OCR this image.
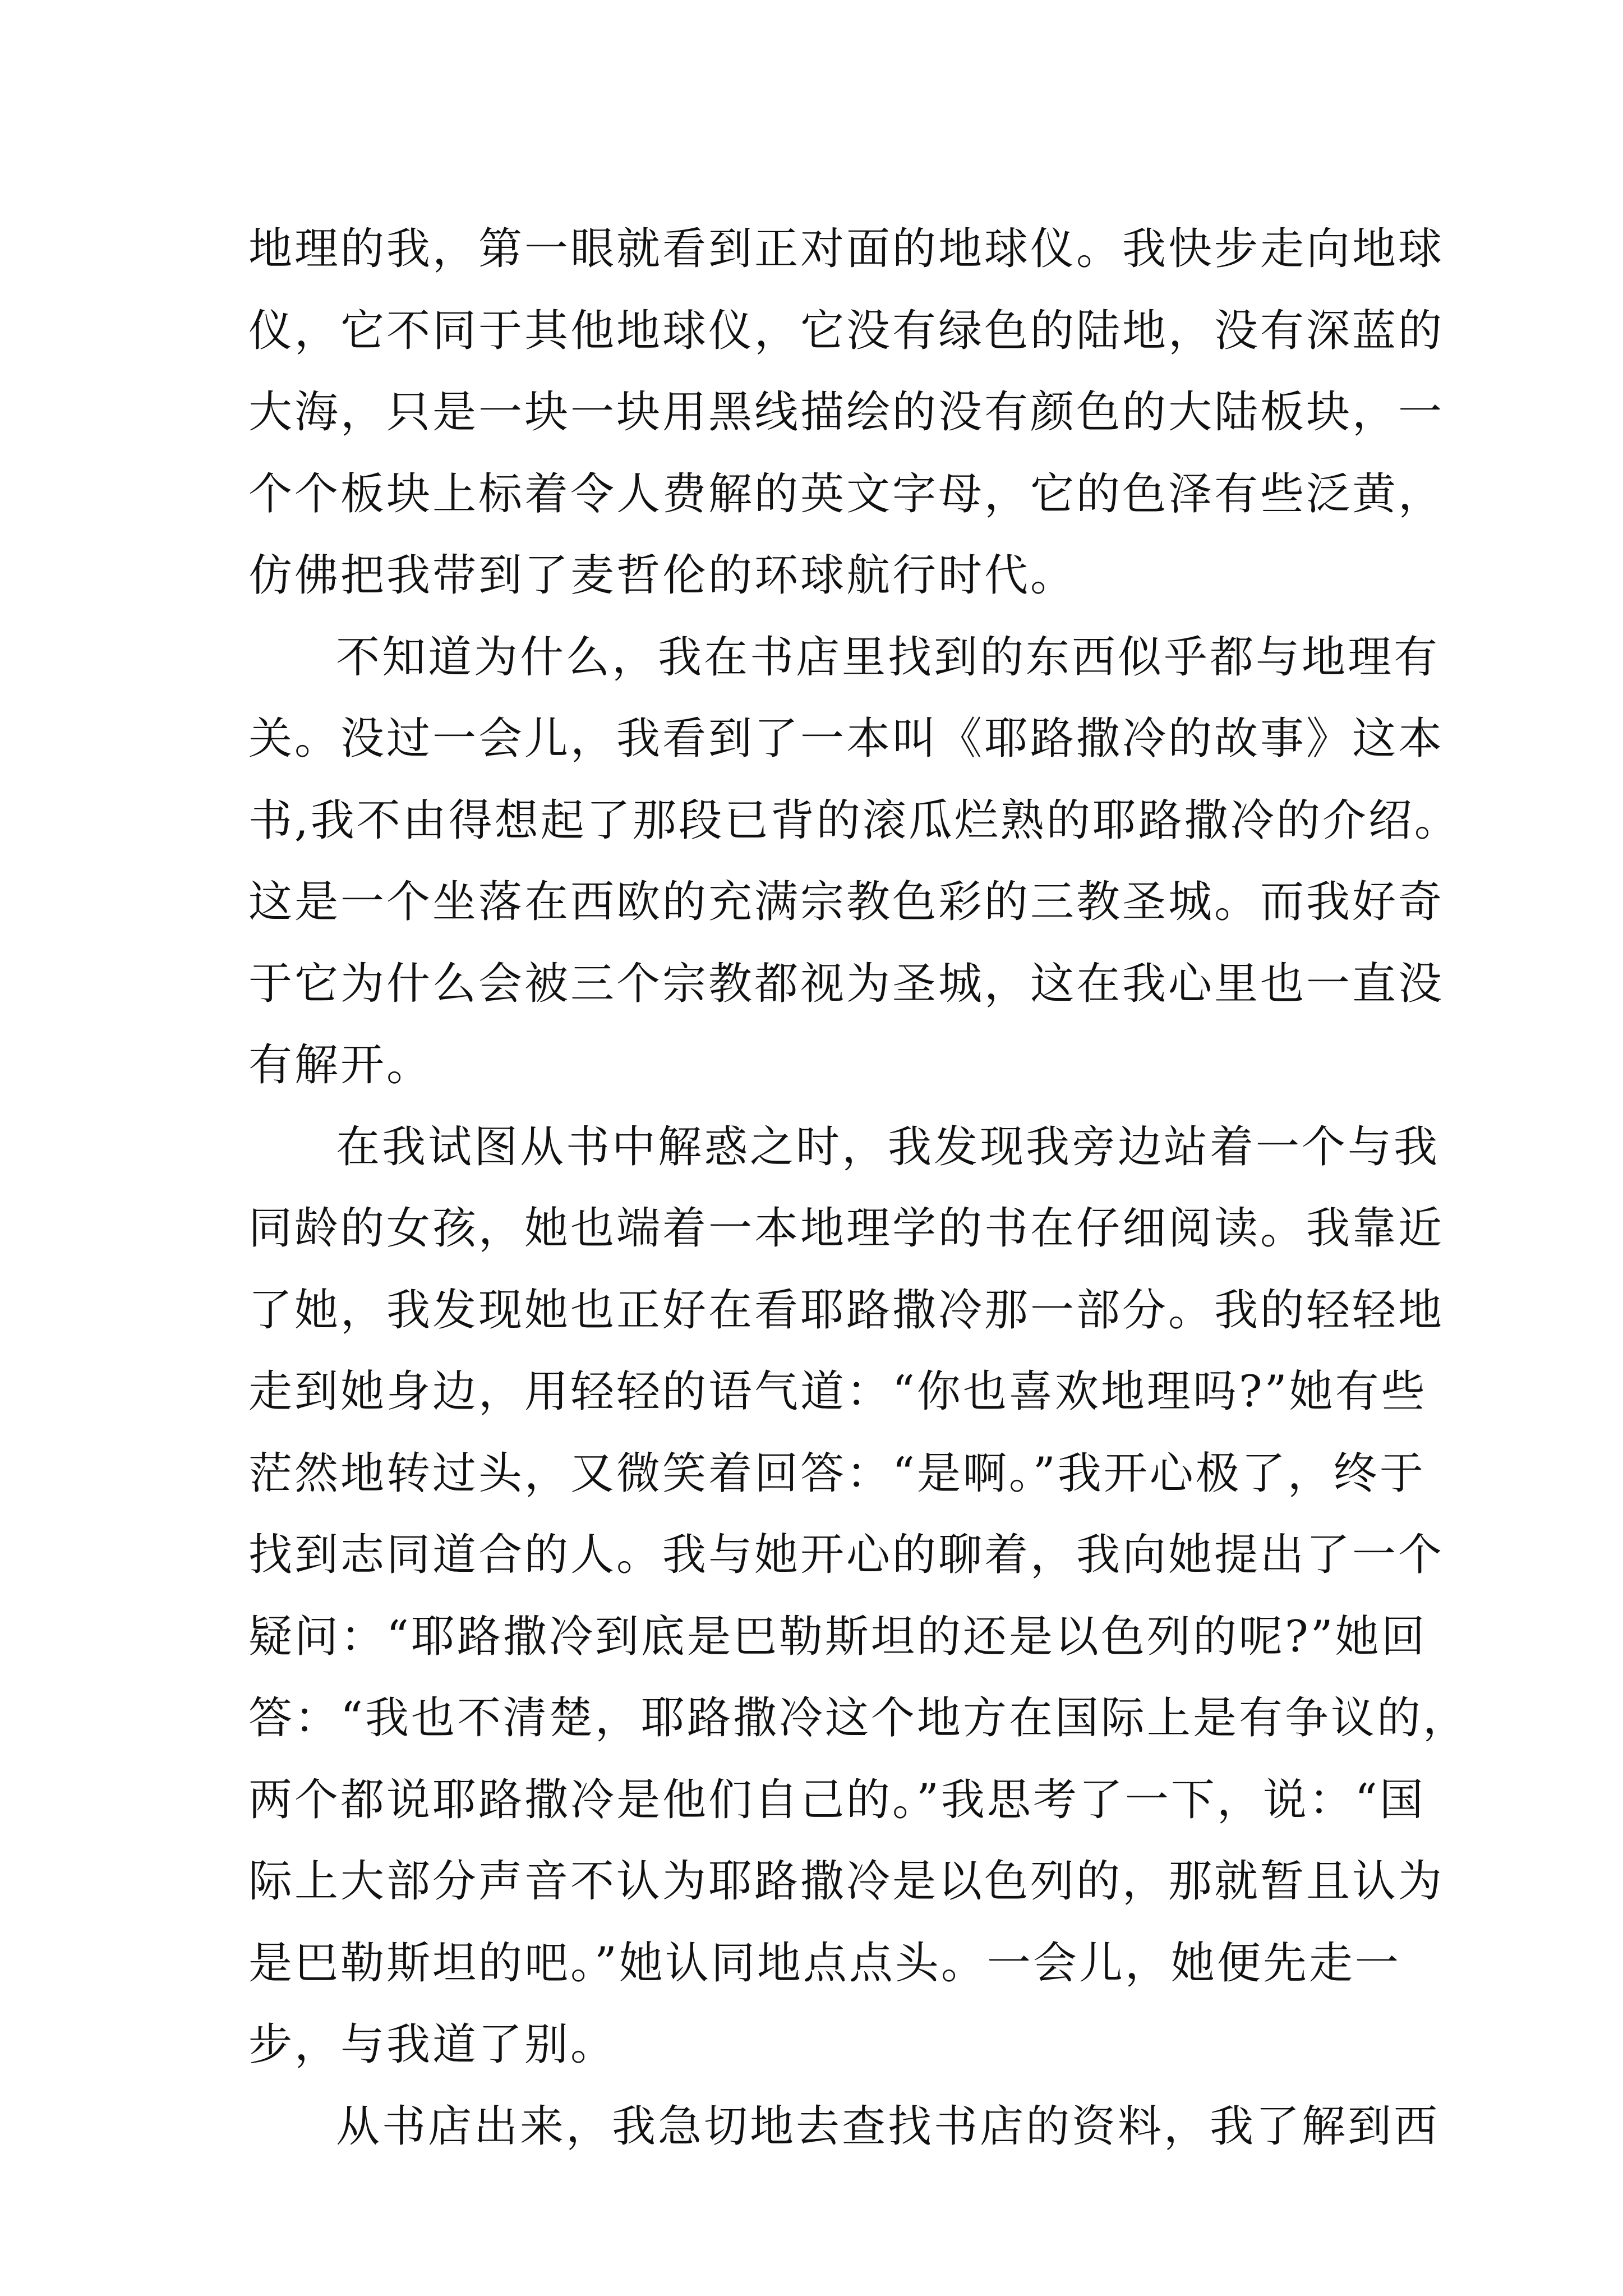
地理的我，第一眼就看到正对面的地球仪。我快步走向地球
仪，它不同于其他地球仪，它没有绿色的陆地，没有深蓝的
大海，只是一块一块用黑线描绘的没有颜色的大陆板块，一
个个板块上标着令人费解的英文字母，它的色泽有些泛黄，
仿佛把我带到了麦哲伦的环球航行时代。
不知道为什么，我在书店里找到的东西似乎都与地理有
关。没过一会儿，我看到了一本叫《耶路撒冷的故事》这本
书,我不由得想起了那段已背的滚瓜烂熟的耶路撒冷的介绍。
这是一个坐落在西欧的充满宗教色彩的三教圣城。而我好奇
于它为什么会被三个宗教都视为圣城，这在我心里也一直没
有解开。
在我试图从书中解惑之时，我发现我旁边站着一个与我
同龄的女孩，她也端着一本地理学的书在仔细阅读。我靠近
了她，我发现她也正好在看耶路撒冷那一部分。我的轻轻地
走到她身边，用轻轻的语气道：“你也喜欢地理吗?”她有些
茫然地转过头，又微笑着回答：“是啊。”我开心极了，终于
找到志同道合的人。我与她开心的聊着，我向她提出了一个
疑问：“耶路撒冷到底是巴勒斯坦的还是以色列的呢?”她回
答：“我也不清楚，耶路撒冷这个地方在国际上是有争议的，
两个都说耶路撒冷是他们自己的。”我思考了一下，说：“国
际上大部分声音不认为耶路撒冷是以色列的，那就暂且认为
是巴勒斯坦的吧。”她认同地点点头。一会儿，她便先走一
步，与我道了别。
从书店出来，我急切地去查找书店的资料，我了解到西
